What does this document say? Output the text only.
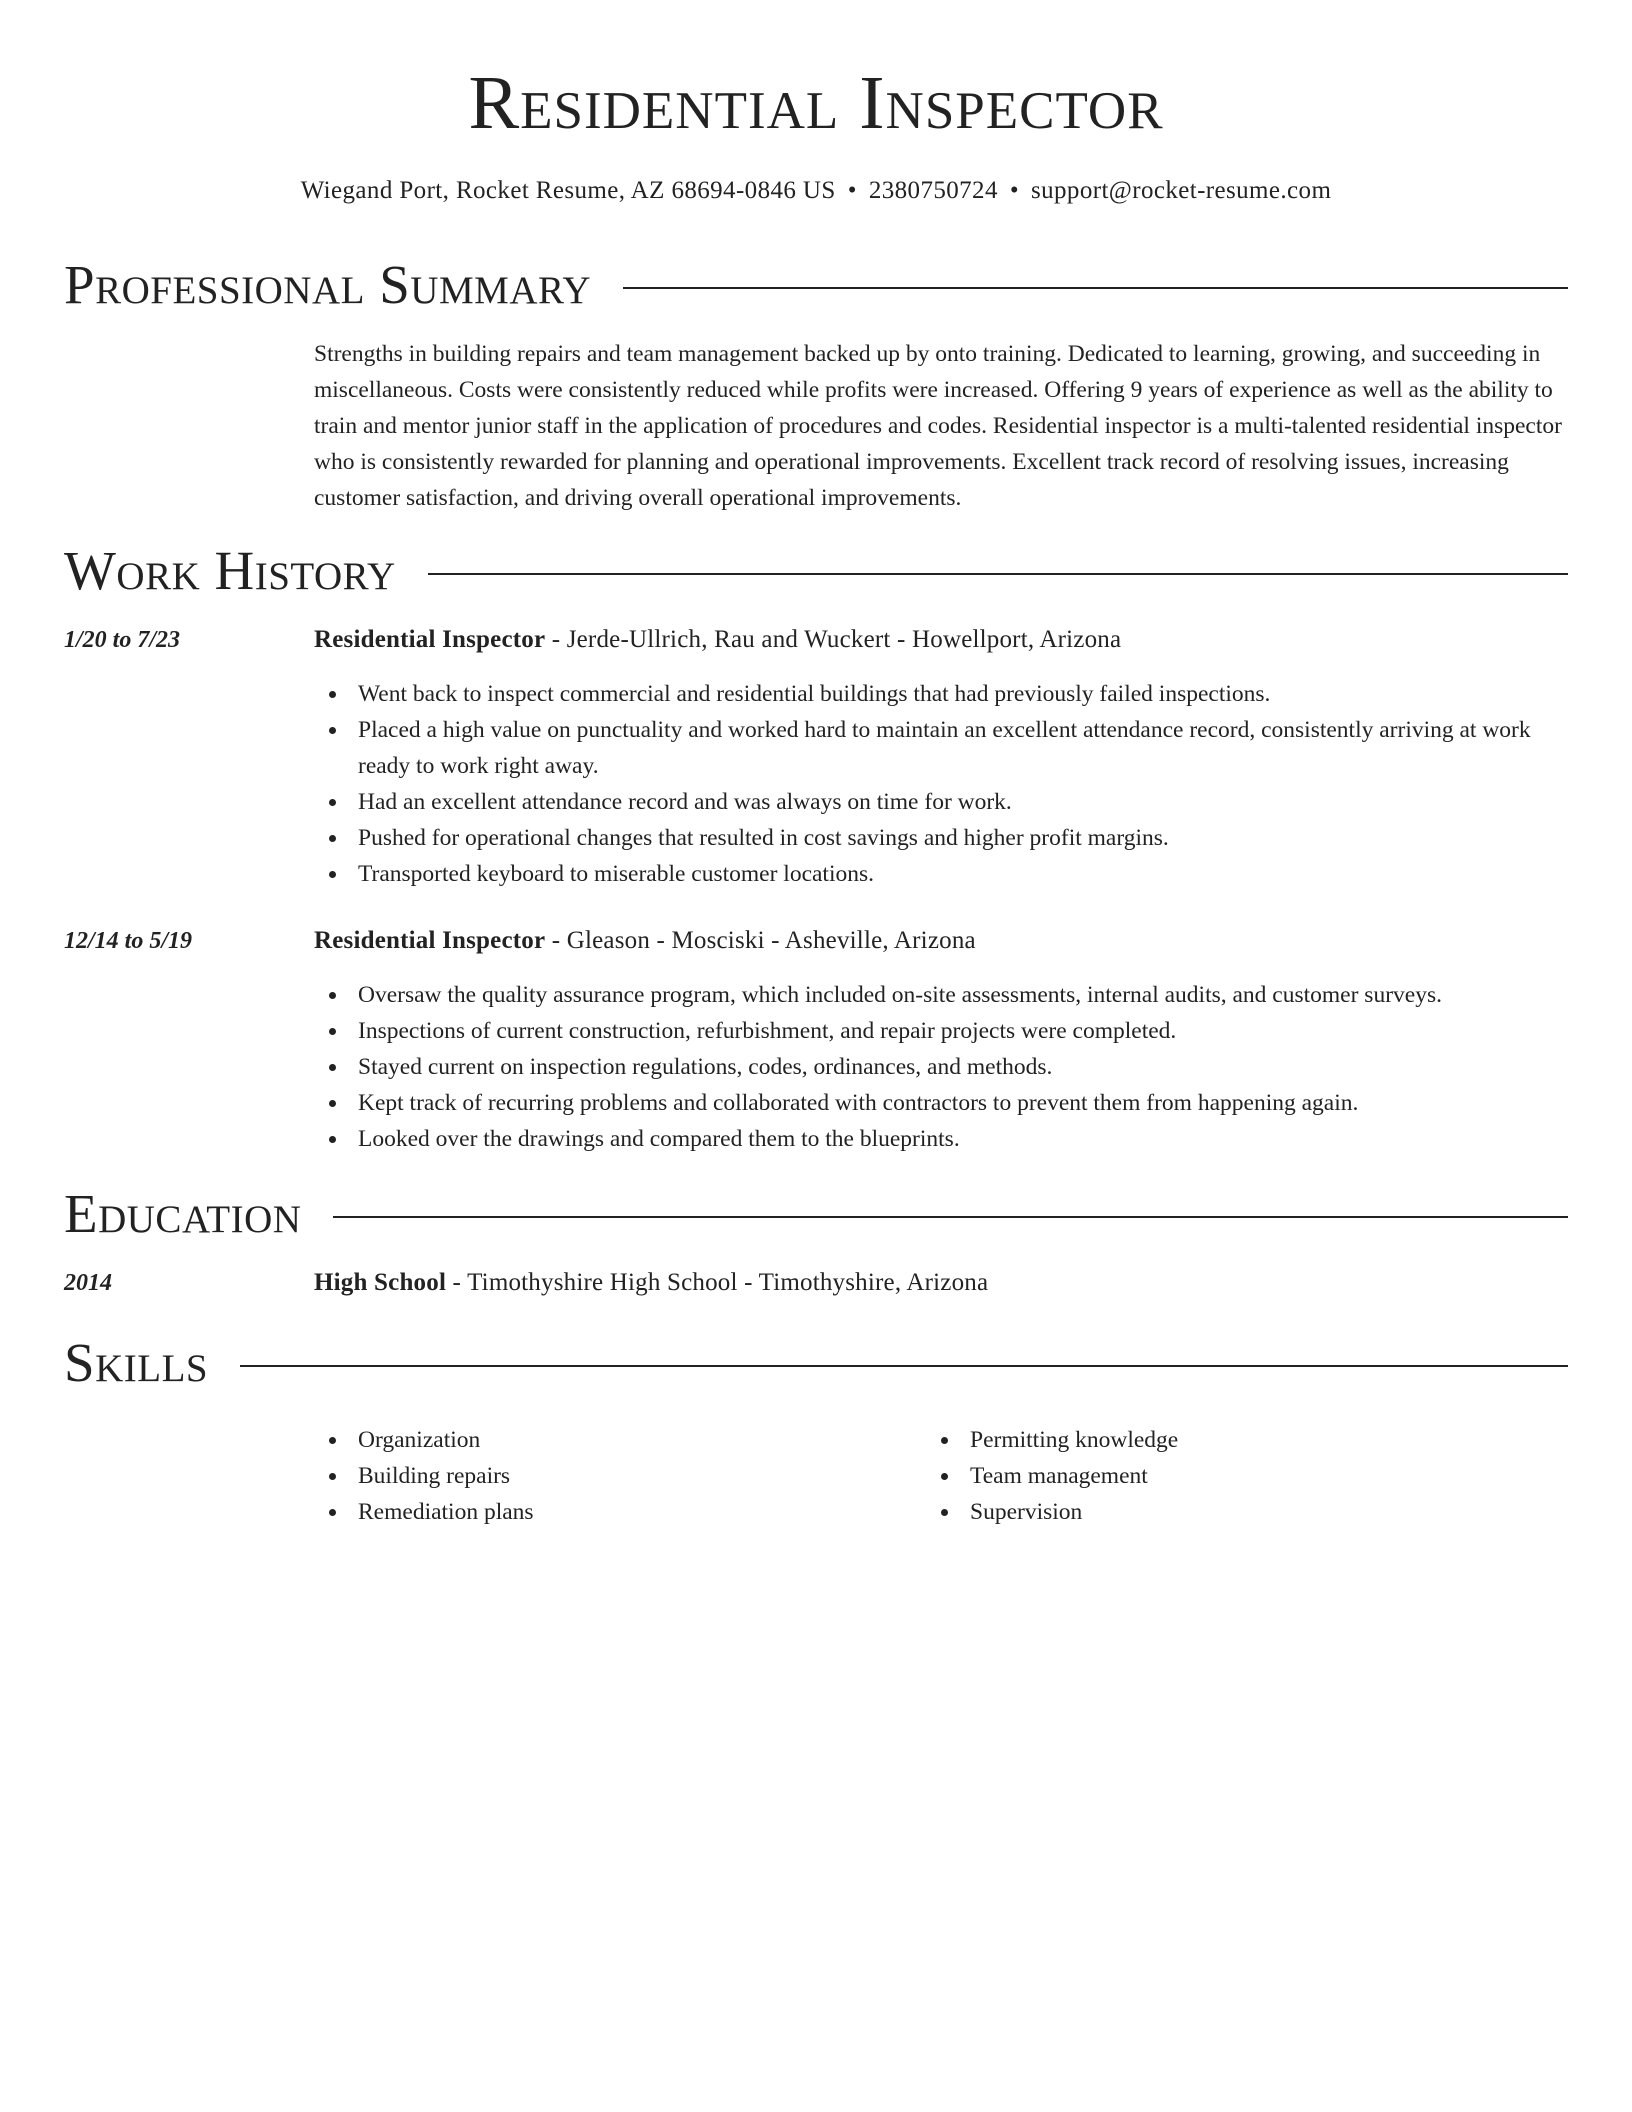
Residential Inspector
Wiegand Port, Rocket Resume, AZ 68694-0846 US • 2380750724 • support@rocket-resume.com
Professional Summary

Strengths in building repairs and team management backed up by onto training. Dedicated to learning, growing, and succeeding in miscellaneous. Costs were consistently reduced while profits were increased. Offering 9 years of experience as well as the ability to train and mentor junior staff in the application of procedures and codes. Residential inspector is a multi-talented residential inspector who is consistently rewarded for planning and operational improvements. Excellent track record of resolving issues, increasing customer satisfaction, and driving overall operational improvements.

Work History
1/20 to 7/23	Residential Inspector - Jerde-Ullrich, Rau and Wuckert - Howellport, Arizona
Went back to inspect commercial and residential buildings that had previously failed inspections.
Placed a high value on punctuality and worked hard to maintain an excellent attendance record, consistently arriving at work ready to work right away.
Had an excellent attendance record and was always on time for work.
Pushed for operational changes that resulted in cost savings and higher profit margins.
Transported keyboard to miserable customer locations.
12/14 to 5/19	Residential Inspector - Gleason - Mosciski - Asheville, Arizona
Oversaw the quality assurance program, which included on-site assessments, internal audits, and customer surveys.
Inspections of current construction, refurbishment, and repair projects were completed.
Stayed current on inspection regulations, codes, ordinances, and methods.
Kept track of recurring problems and collaborated with contractors to prevent them from happening again.
Looked over the drawings and compared them to the blueprints.
Education
2014	High School - Timothyshire High School - Timothyshire, Arizona
Skills
Organization
Building repairs
Remediation plans
Permitting knowledge
Team management
Supervision
